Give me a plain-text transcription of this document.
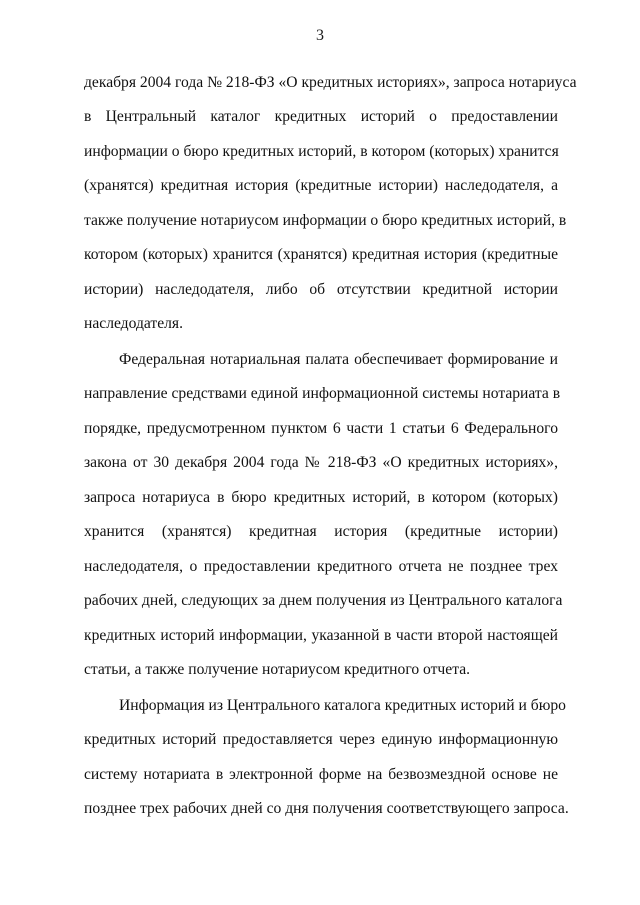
3
декабря 2004 года № 218-ФЗ «О кредитных историях», запроса нотариуса
в Центральный каталог кредитных историй о предоставлении
информации о бюро кредитных историй, в котором (которых) хранится
(хранятся) кредитная история (кредитные истории) наследодателя, а
также получение нотариусом информации о бюро кредитных историй, в
котором (которых) хранится (хранятся) кредитная история (кредитные
истории) наследодателя, либо об отсутствии кредитной истории
наследодателя.
Федеральная нотариальная палата обеспечивает формирование и
направление средствами единой информационной системы нотариата в
порядке, предусмотренном пунктом 6 части 1 статьи 6 Федерального
закона от 30 декабря 2004 года № 218-ФЗ «О кредитных историях»,
запроса нотариуса в бюро кредитных историй, в котором (которых)
хранится (хранятся) кредитная история (кредитные истории)
наследодателя, о предоставлении кредитного отчета не позднее трех
рабочих дней, следующих за днем получения из Центрального каталога
кредитных историй информации, указанной в части второй настоящей
статьи, а также получение нотариусом кредитного отчета.
Информация из Центрального каталога кредитных историй и бюро
кредитных историй предоставляется через единую информационную
систему нотариата в электронной форме на безвозмездной основе не
позднее трех рабочих дней со дня получения соответствующего запроса.
